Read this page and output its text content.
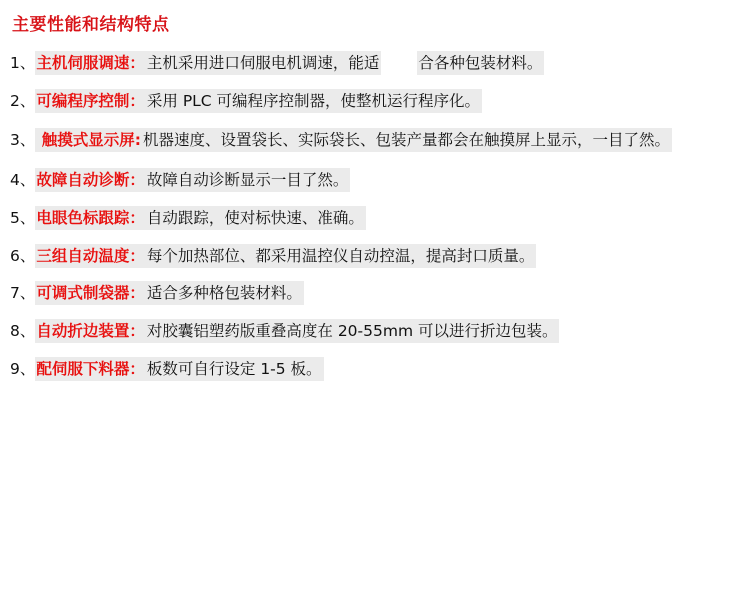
主要性能和结构特点
1、主机伺服调速： 主机采用进口伺服电机调速，能适	合各种包装材料。
2、可编程序控制： 采用 PLC 可编程序控制器，使整机运行程序化。
3、 触摸式显示屏: 机器速度、设置袋长、实际袋长、包装产量都会在触摸屏上显示，一目了然。
4、故障自动诊断： 故障自动诊断显示一目了然。
5、电眼色标跟踪： 自动跟踪，使对标快速、准确。
6、三组自动温度： 每个加热部位、都采用温控仪自动控温，提高封口质量。
7、可调式制袋器： 适合多种格包装材料。
8、自动折边装置： 对胶囊铝塑药版重叠高度在 20-55mm 可以进行折边包装。
9、配伺服下料器： 板数可自行设定 1-5 板。
